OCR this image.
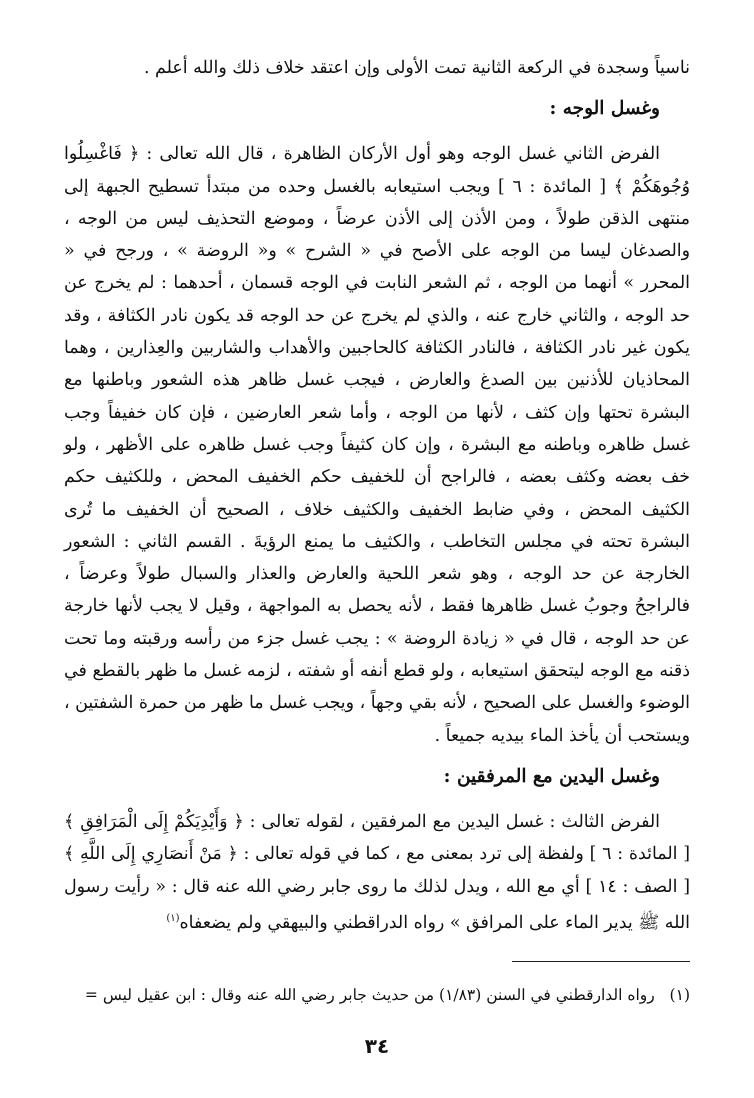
ناسياً وسجدة في الركعة الثانية تمت الأولى وإن اعتقد خلاف ذلك والله أعلم .

وغسل الوجه :

الفرض الثاني غسل الوجه وهو أول الأركان الظاهرة ، قال الله تعالى : ﴿ فَاغْسِلُوا وُجُوهَكُمْ ﴾ [ المائدة : ٦ ] ويجب استيعابه بالغسل وحده من مبتدأ تسطيح الجبهة إلى منتهى الذقن طولاً ، ومن الأذن إلى الأذن عرضاً ، وموضع التحذيف ليس من الوجه ، والصدغان ليسا من الوجه على الأصح في « الشرح » و« الروضة » ، ورجح في « المحرر » أنهما من الوجه ، ثم الشعر النابت في الوجه قسمان ، أحدهما : لم يخرج عن حد الوجه ، والثاني خارج عنه ، والذي لم يخرج عن حد الوجه قد يكون نادر الكثافة ، وقد يكون غير نادر الكثافة ، فالنادر الكثافة كالحاجبين والأهداب والشاربين والعِذارين ، وهما المحاذيان للأذنين بين الصدغ والعارض ، فيجب غسل ظاهر هذه الشعور وباطنها مع البشرة تحتها وإن كثف ، لأنها من الوجه ، وأما شعر العارضين ، فإن كان خفيفاً وجب غسل ظاهره وباطنه مع البشرة ، وإن كان كثيفاً وجب غسل ظاهره على الأظهر ، ولو خف بعضه وكثف بعضه ، فالراجح أن للخفيف حكم الخفيف المحض ، وللكثيف حكم الكثيف المحض ، وفي ضابط الخفيف والكثيف خلاف ، الصحيح أن الخفيف ما تُرى البشرة تحته في مجلس التخاطب ، والكثيف ما يمنع الرؤيةَ . القسم الثاني : الشعور الخارجة عن حد الوجه ، وهو شعر اللحية والعارض والعذار والسبال طولاً وعرضاً ، فالراجحُ وجوبُ غسل ظاهرها فقط ، لأنه يحصل به المواجهة ، وقيل لا يجب لأنها خارجة عن حد الوجه ، قال في « زيادة الروضة » : يجب غسل جزء من رأسه ورقبته وما تحت ذقنه مع الوجه ليتحقق استيعابه ، ولو قطع أنفه أو شفته ، لزمه غسل ما ظهر بالقطع في الوضوء والغسل على الصحيح ، لأنه بقي وجهاً ، ويجب غسل ما ظهر من حمرة الشفتين ، ويستحب أن يأخذ الماء بيديه جميعاً .

وغسل اليدين مع المرفقين :

الفرض الثالث : غسل اليدين مع المرفقين ، لقوله تعالى : ﴿ وَأَيْدِيَكُمْ إِلَى الْمَرَافِقِ ﴾ [ المائدة : ٦ ] ولفظة إلى ترد بمعنى مع ، كما في قوله تعالى : ﴿ مَنْ أَنصَارِي إِلَى اللَّهِ ﴾ [ الصف : ١٤ ] أي مع الله ، ويدل لذلك ما روى جابر رضي الله عنه قال : « رأيت رسول الله ﷺ يدير الماء على المرافق » رواه الدراقطني والبيهقي ولم يضعفاه$^{(١)}$

(١)   رواه الدارقطني في السنن (١/٨٣) من حديث جابر رضي الله عنه وقال : ابن عقيل ليس =
٣٤
